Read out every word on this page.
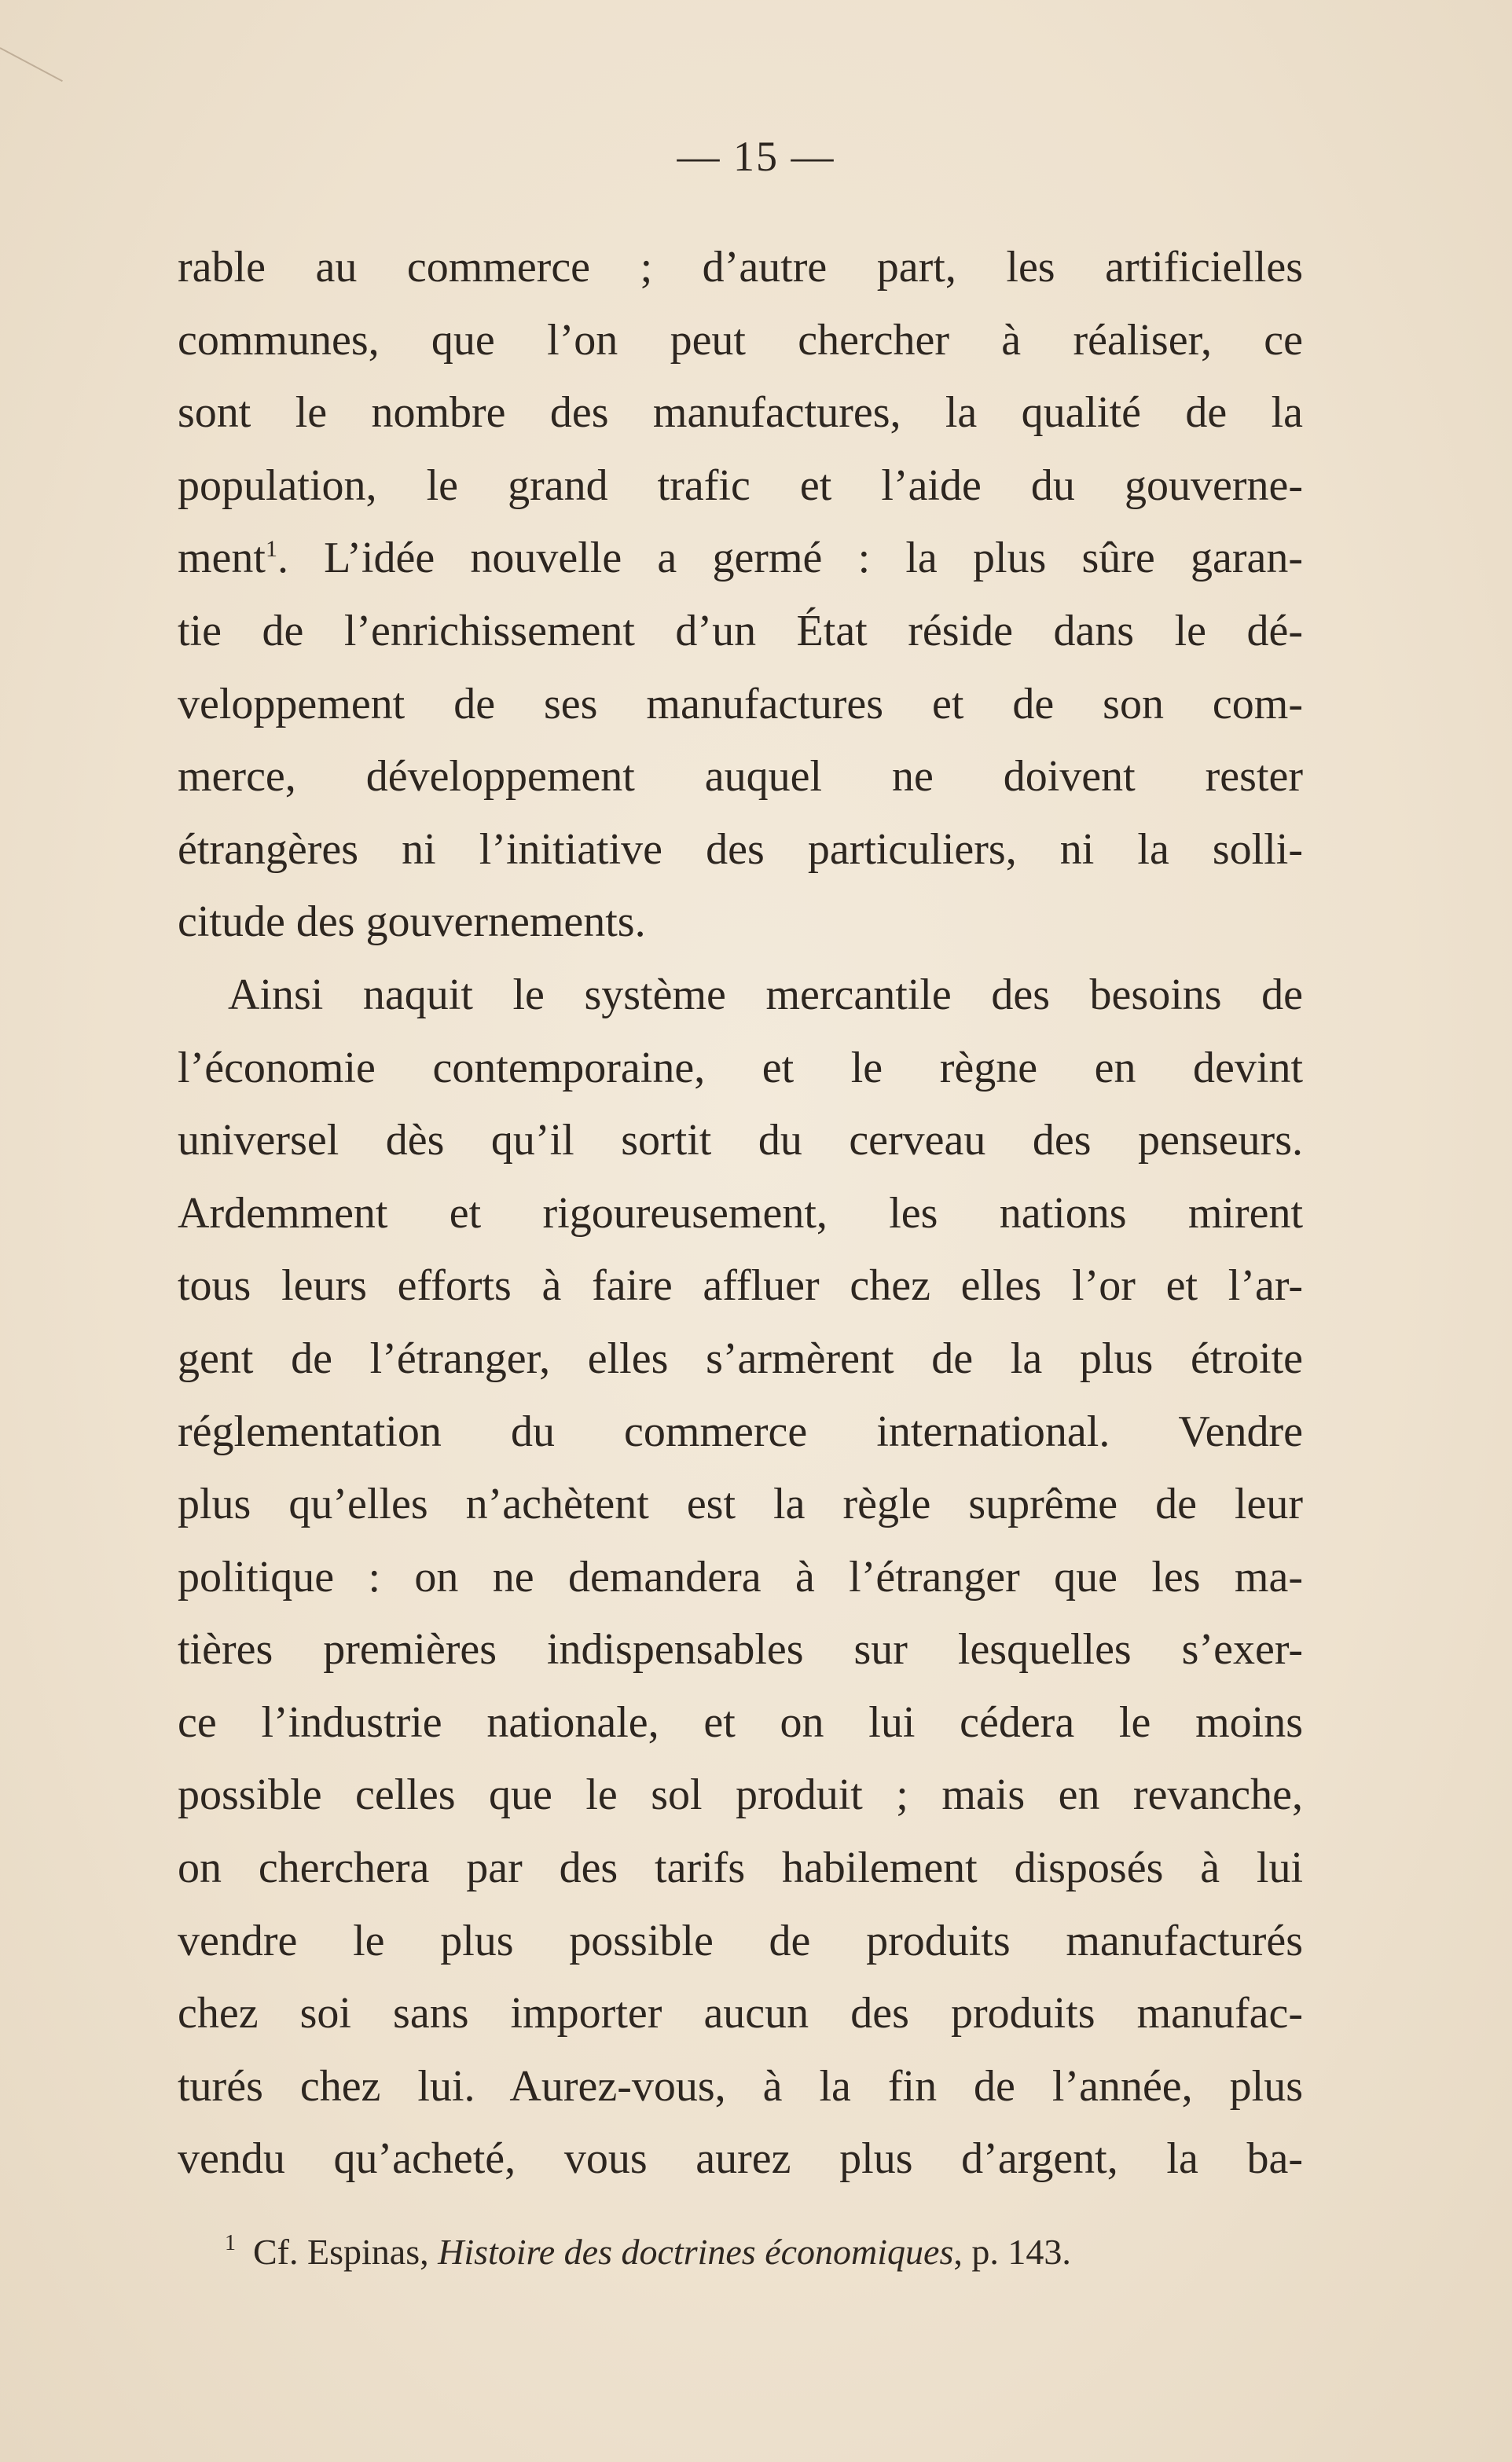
— 15 —
rable au commerce ; d’autre part, les artificielles
communes, que l’on peut chercher à réaliser, ce
sont le nombre des manufactures, la qualité de la
population, le grand trafic et l’aide du gouverne-
ment$^1$. L’idée nouvelle a germé : la plus sûre garan-
tie de l’enrichissement d’un État réside dans le dé-
veloppement de ses manufactures et de son com-
merce, développement auquel ne doivent rester
étrangères ni l’initiative des particuliers, ni la solli-
citude des gouvernements.
Ainsi naquit le système mercantile des besoins de
l’économie contemporaine, et le règne en devint
universel dès qu’il sortit du cerveau des penseurs.
Ardemment et rigoureusement, les nations mirent
tous leurs efforts à faire affluer chez elles l’or et l’ar-
gent de l’étranger, elles s’armèrent de la plus étroite
réglementation du commerce international. Vendre
plus qu’elles n’achètent est la règle suprême de leur
politique : on ne demandera à l’étranger que les ma-
tières premières indispensables sur lesquelles s’exer-
ce l’industrie nationale, et on lui cédera le moins
possible celles que le sol produit ; mais en revanche,
on cherchera par des tarifs habilement disposés à lui
vendre le plus possible de produits manufacturés
chez soi sans importer aucun des produits manufac-
turés chez lui. Aurez-vous, à la fin de l’année, plus
vendu qu’acheté, vous aurez plus d’argent, la ba-
$^1$ Cf. Espinas, Histoire des doctrines économiques, p. 143.
